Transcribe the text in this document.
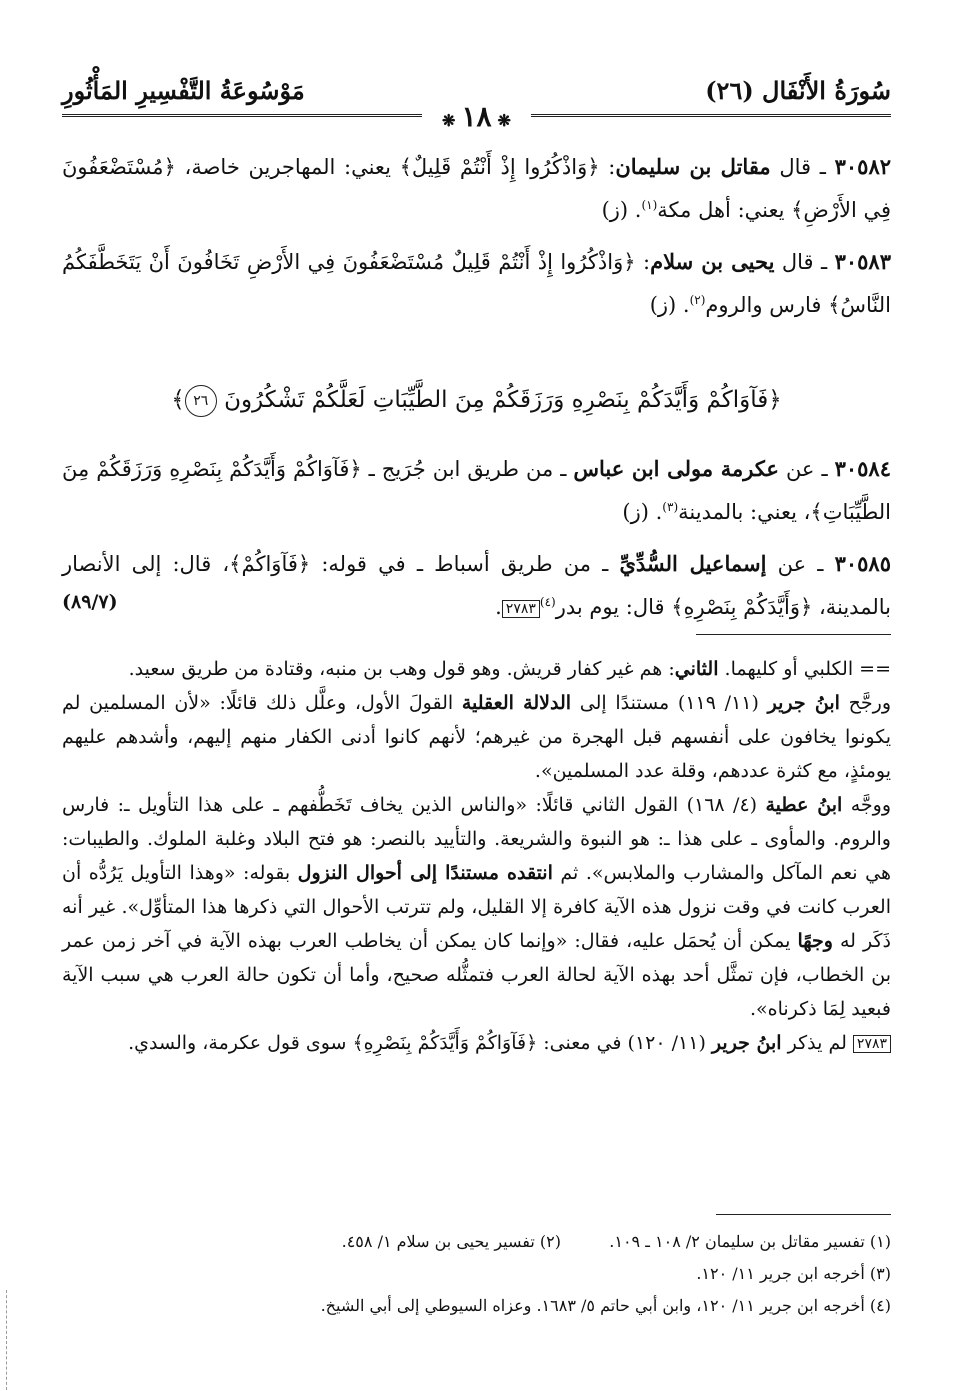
سُورَةُ الأَنْفَال (٢٦)
مَوْسُوعَةُ التَّفْسِيرِ المَأْثُورِ
❋ ١٨ ❋

٣٠٥٨٢ ـ قال مقاتل بن سليمان: ﴿وَاذْكُرُوا إِذْ أَنْتُمْ قَلِيلٌ﴾ يعني: المهاجرين خاصة، ﴿مُسْتَضْعَفُونَ فِي الأَرْضِ﴾ يعني: أهل مكة$^{(١)}$. (ز)

٣٠٥٨٣ ـ قال يحيى بن سلام: ﴿وَاذْكُرُوا إِذْ أَنْتُمْ قَلِيلٌ مُسْتَضْعَفُونَ فِي الأَرْضِ تَخَافُونَ أَنْ يَتَخَطَّفَكُمُ النَّاسُ﴾ فارس والروم$^{(٢)}$. (ز)

﴿فَآوَاكُمْ وَأَيَّدَكُمْ بِنَصْرِهِ وَرَزَقَكُمْ مِنَ الطَّيِّبَاتِ لَعَلَّكُمْ تَشْكُرُونَ ٢٦﴾

٣٠٥٨٤ ـ عن عكرمة مولى ابن عباس ـ من طريق ابن جُرَيج ـ ﴿فَآوَاكُمْ وَأَيَّدَكُمْ بِنَصْرِهِ وَرَزَقَكُمْ مِنَ الطَّيِّبَاتِ﴾، يعني: بالمدينة$^{(٣)}$. (ز)

٣٠٥٨٥ ـ عن إسماعيل السُّدِّيِّ ـ من طريق أسباط ـ في قوله: ﴿فَآوَاكُمْ﴾، قال: إلى الأنصار بالمدينة، ﴿وَأَيَّدَكُمْ بِنَصْرِهِ﴾ قال: يوم بدر$^{(٤)}$٢٧٨٣.
(٨٩/٧)

== الكلبي أو كليهما. الثاني: هم غير كفار قريش. وهو قول وهب بن منبه، وقتادة من طريق سعيد.

ورجَّح ابنُ جرير (١١/ ١١٩) مستندًا إلى الدلالة العقلية القولَ الأول، وعلَّل ذلك قائلًا: «لأن المسلمين لم يكونوا يخافون على أنفسهم قبل الهجرة من غيرهم؛ لأنهم كانوا أدنى الكفار منهم إليهم، وأشدهم عليهم يومئذٍ، مع كثرة عددهم، وقلة عدد المسلمين».

ووجَّه ابنُ عطية (٤/ ١٦٨) القول الثاني قائلًا: «والناس الذين يخاف تَخَطُّفهم ـ على هذا التأويل ـ: فارس والروم. والمأوى ـ على هذا ـ: هو النبوة والشريعة. والتأييد بالنصر: هو فتح البلاد وغلبة الملوك. والطيبات: هي نعم المآكل والمشارب والملابس». ثم انتقده مستندًا إلى أحوال النزول بقوله: «وهذا التأويل يَرُدُّه أن العرب كانت في وقت نزول هذه الآية كافرة إلا القليل، ولم تترتب الأحوال التي ذكرها هذا المتأوِّل». غير أنه ذَكَر له وجهًا يمكن أن يُحمَل عليه، فقال: «وإنما كان يمكن أن يخاطب العرب بهذه الآية في آخر زمن عمر بن الخطاب، فإن تمثَّل أحد بهذه الآية لحالة العرب فتمثُّله صحيح، وأما أن تكون حالة العرب هي سبب الآية فبعيد لِمَا ذكرناه».

٢٧٨٣ لم يذكر ابنُ جرير (١١/ ١٢٠) في معنى: ﴿فَآوَاكُمْ وَأَيَّدَكُمْ بِنَصْرِهِ﴾ سوى قول عكرمة، والسدي.

(١) تفسير مقاتل بن سليمان ٢/ ١٠٨ ـ ١٠٩.
(٢) تفسير يحيى بن سلام ١/ ٤٥٨.
(٣) أخرجه ابن جرير ١١/ ١٢٠.
(٤) أخرجه ابن جرير ١١/ ١٢٠، وابن أبي حاتم ٥/ ١٦٨٣. وعزاه السيوطي إلى أبي الشيخ.
